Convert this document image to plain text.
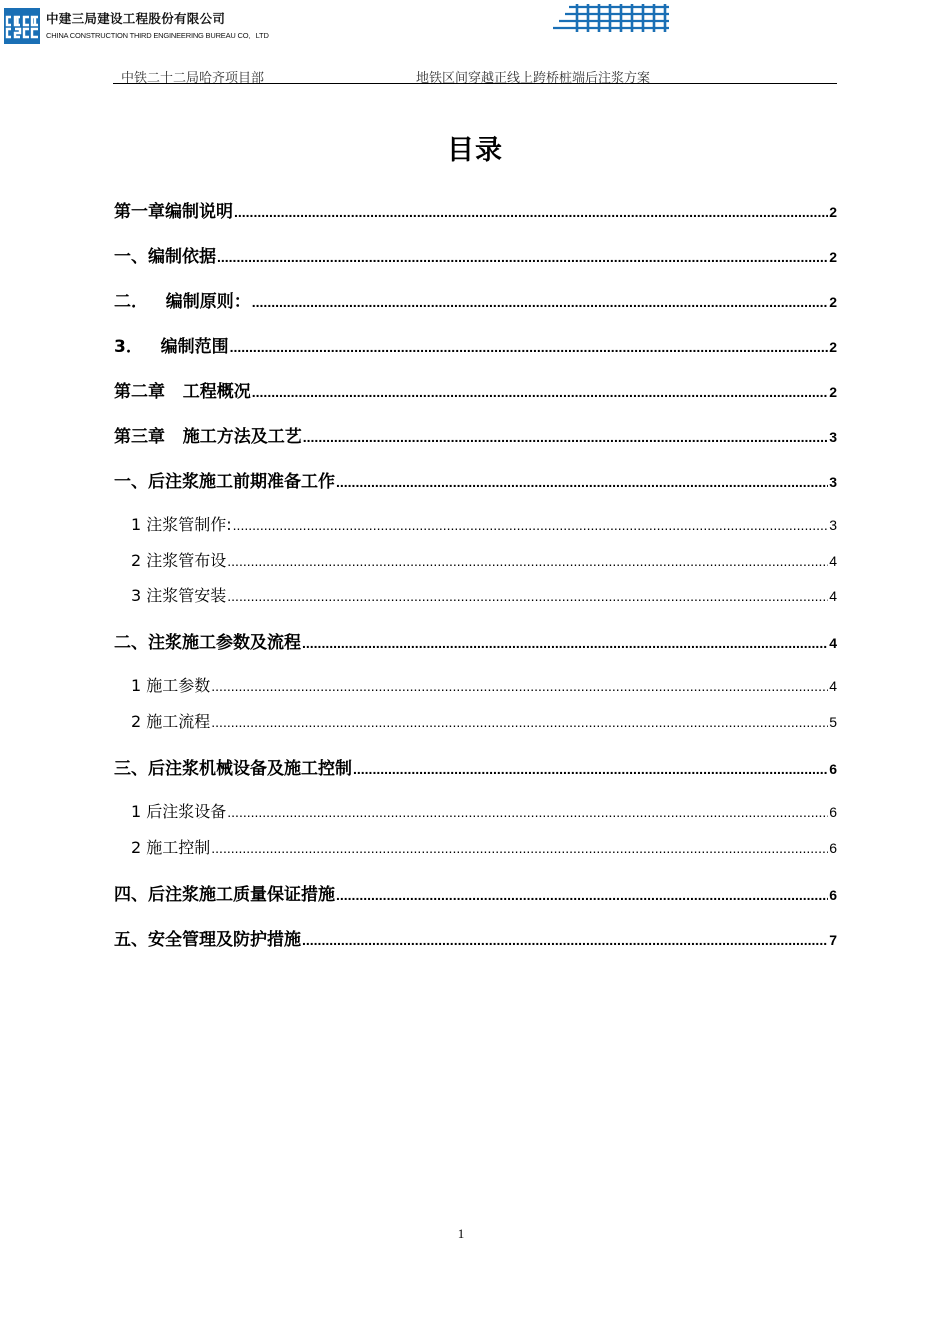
中建三局建设工程股份有限公司
CHINA CONSTRUCTION THIRD ENGINEERING BUREAU CO．LTD
中铁二十二局哈齐项目部	地铁区间穿越正线上跨桥桩端后注浆方案
目录
第一章编制说明 .....	2
一、编制依据 .....	2
二．   编制原则： .....	2
3．   编制范围 .....	2
第二章   工程概况 .....	2
第三章   施工方法及工艺 .....	3
一、后注浆施工前期准备工作 .....	3
1 注浆管制作: .....	3
2 注浆管布设 .....	4
3 注浆管安装 .....	4
二、注浆施工参数及流程 .....	4
1 施工参数 .....	4
2 施工流程 .....	5
三、后注浆机械设备及施工控制 .....	6
1 后注浆设备 .....	6
2 施工控制 .....	6
四、后注浆施工质量保证措施 .....	6
五、安全管理及防护措施 .....	7
1
